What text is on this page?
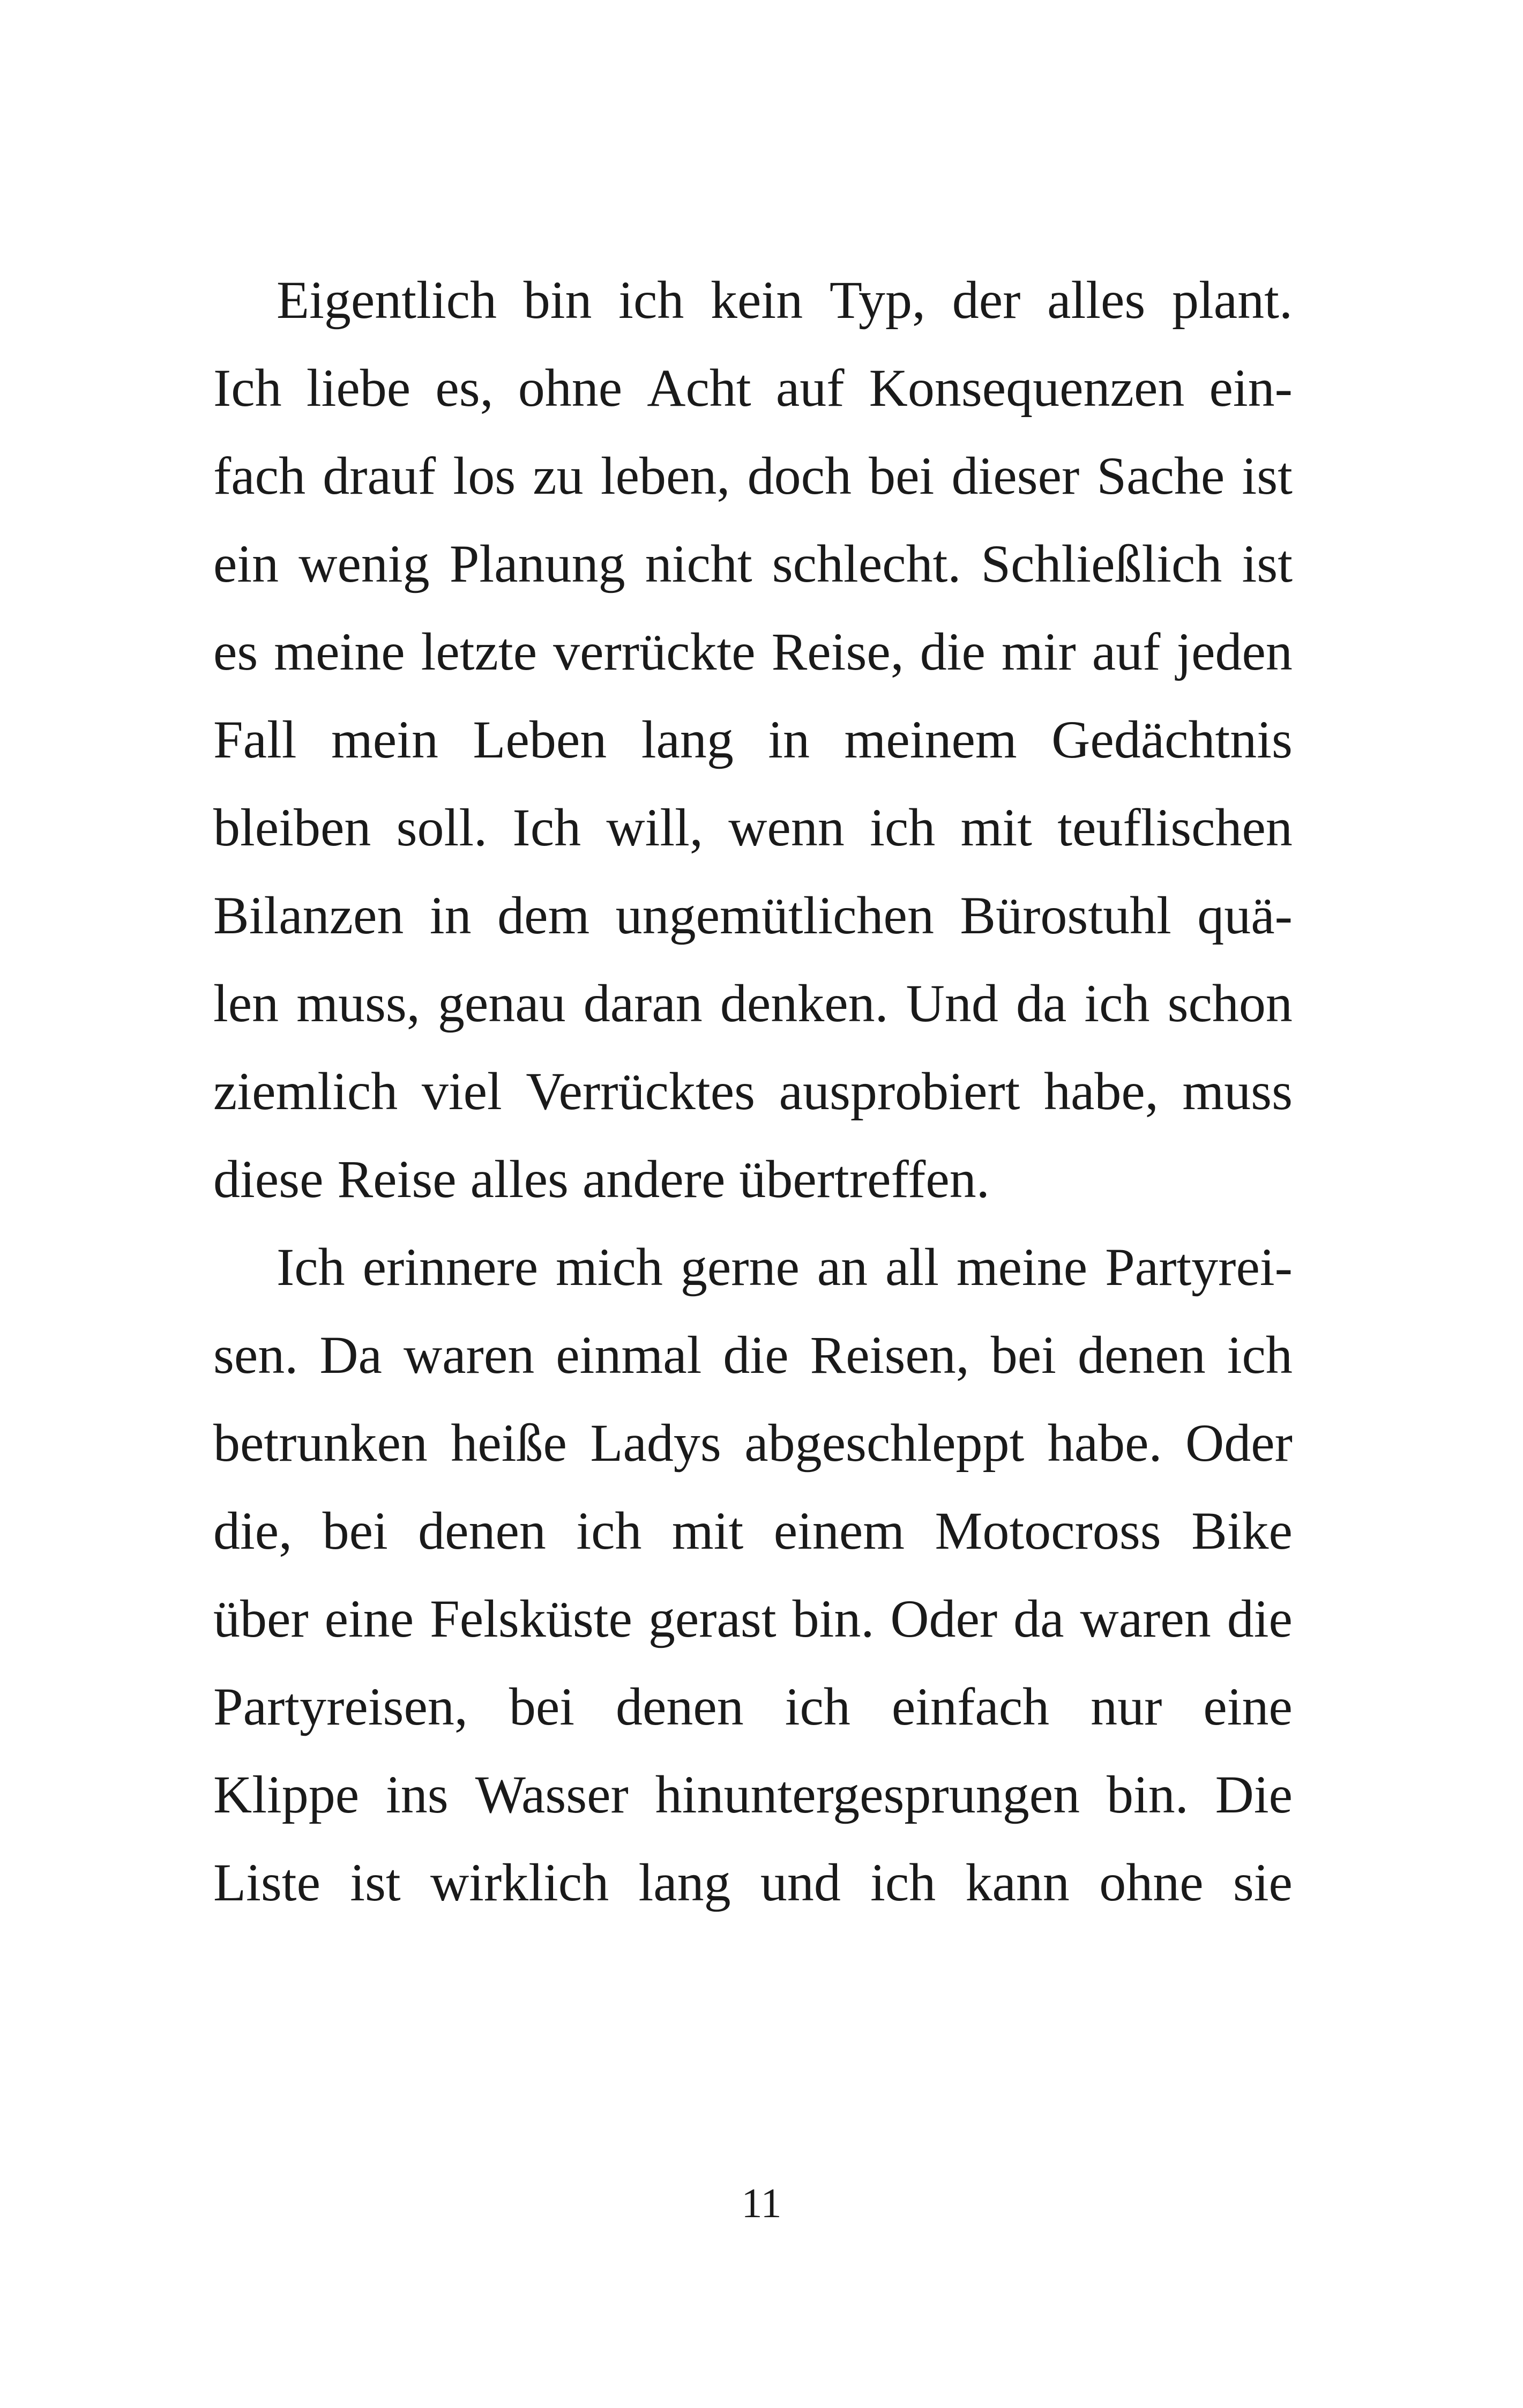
Eigentlich bin ich kein Typ, der alles plant.
Ich liebe es, ohne Acht auf Konsequenzen ein-
fach drauf los zu leben, doch bei dieser Sache ist
ein wenig Planung nicht schlecht. Schließlich ist
es meine letzte verrückte Reise, die mir auf jeden
Fall mein Leben lang in meinem Gedächtnis
bleiben soll. Ich will, wenn ich mit teuflischen
Bilanzen in dem ungemütlichen Bürostuhl quä-
len muss, genau daran denken. Und da ich schon
ziemlich viel Verrücktes ausprobiert habe, muss
diese Reise alles andere übertreffen.
Ich erinnere mich gerne an all meine Partyrei-
sen. Da waren einmal die Reisen, bei denen ich
betrunken heiße Ladys abgeschleppt habe. Oder
die, bei denen ich mit einem Motocross Bike
über eine Felsküste gerast bin. Oder da waren die
Partyreisen, bei denen ich einfach nur eine
Klippe ins Wasser hinuntergesprungen bin. Die
Liste ist wirklich lang und ich kann ohne sie
11
